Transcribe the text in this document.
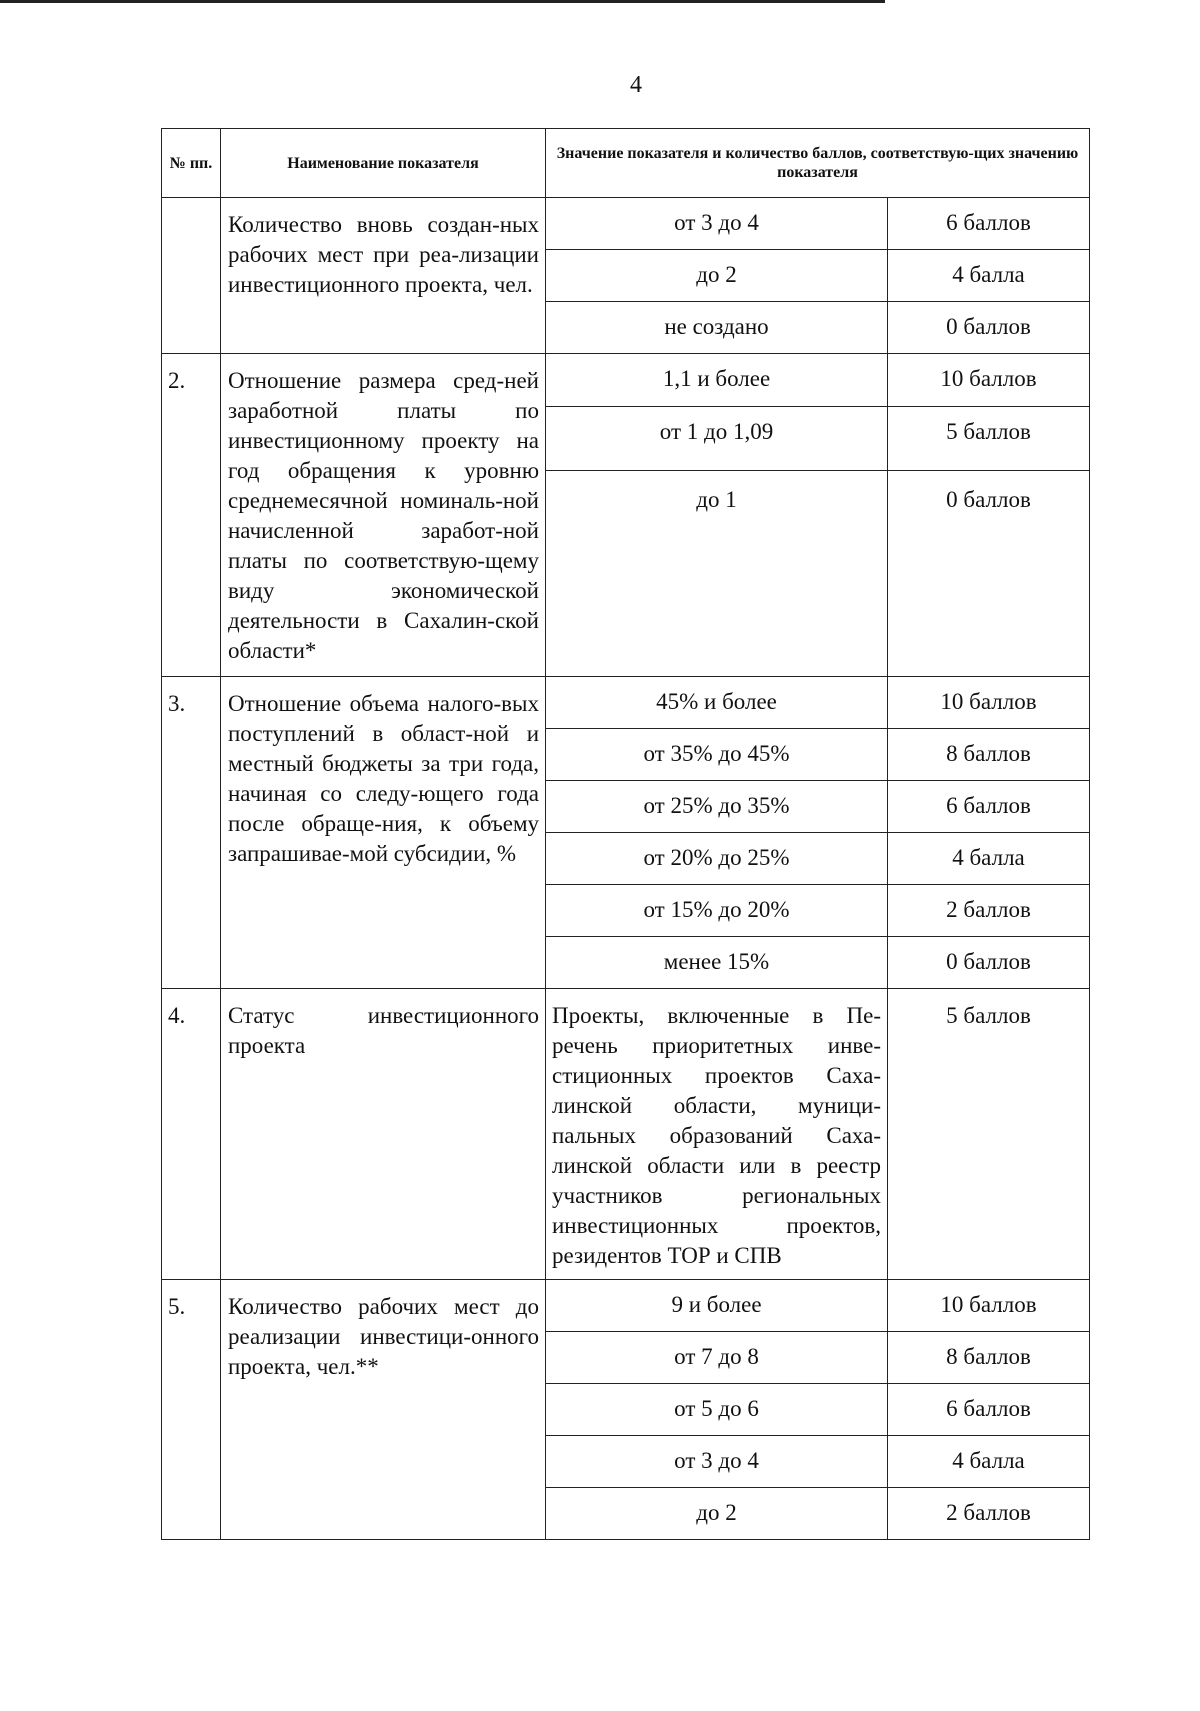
4
№ пп.	Наименование показателя	Значение показателя и количество баллов, соответствую-щих значению показателя	
	Количество вновь создан-ных рабочих мест при реа-лизации инвестиционного проекта, чел.	от 3 до 4	6 баллов
		до 2	4 балла
		не создано	0 баллов
2.	Отношение размера сред-ней заработной платы по инвестиционному проекту на год обращения к уровню среднемесячной номиналь-ной начисленной заработ-ной платы по соответствую-щему виду экономической деятельности в Сахалин-ской области*	1,1 и более	10 баллов
		от 1 до 1,09	5 баллов
		до 1	0 баллов
3.	Отношение объема налого-вых поступлений в област-ной и местный бюджеты за три года, начиная со следу-ющего года после обраще-ния, к объему запрашивае-мой субсидии, %	45% и более	10 баллов
		от 35% до 45%	8 баллов
		от 25% до 35%	6 баллов
		от 20% до 25%	4 балла
		от 15% до 20%	2 баллов
		менее 15%	0 баллов
4.	Статус инвестиционного проекта	Проекты, включенные в Пе-речень приоритетных инве-стиционных проектов Саха-линской области, муници-пальных образований Саха-линской области или в реестр участников региональных инвестиционных проектов, резидентов ТОР и СПВ	5 баллов
5.	Количество рабочих мест до реализации инвестици-онного проекта, чел.**	9 и более	10 баллов
		от 7 до 8	8 баллов
		от 5 до 6	6 баллов
		от 3 до 4	4 балла
		до 2	2 баллов
